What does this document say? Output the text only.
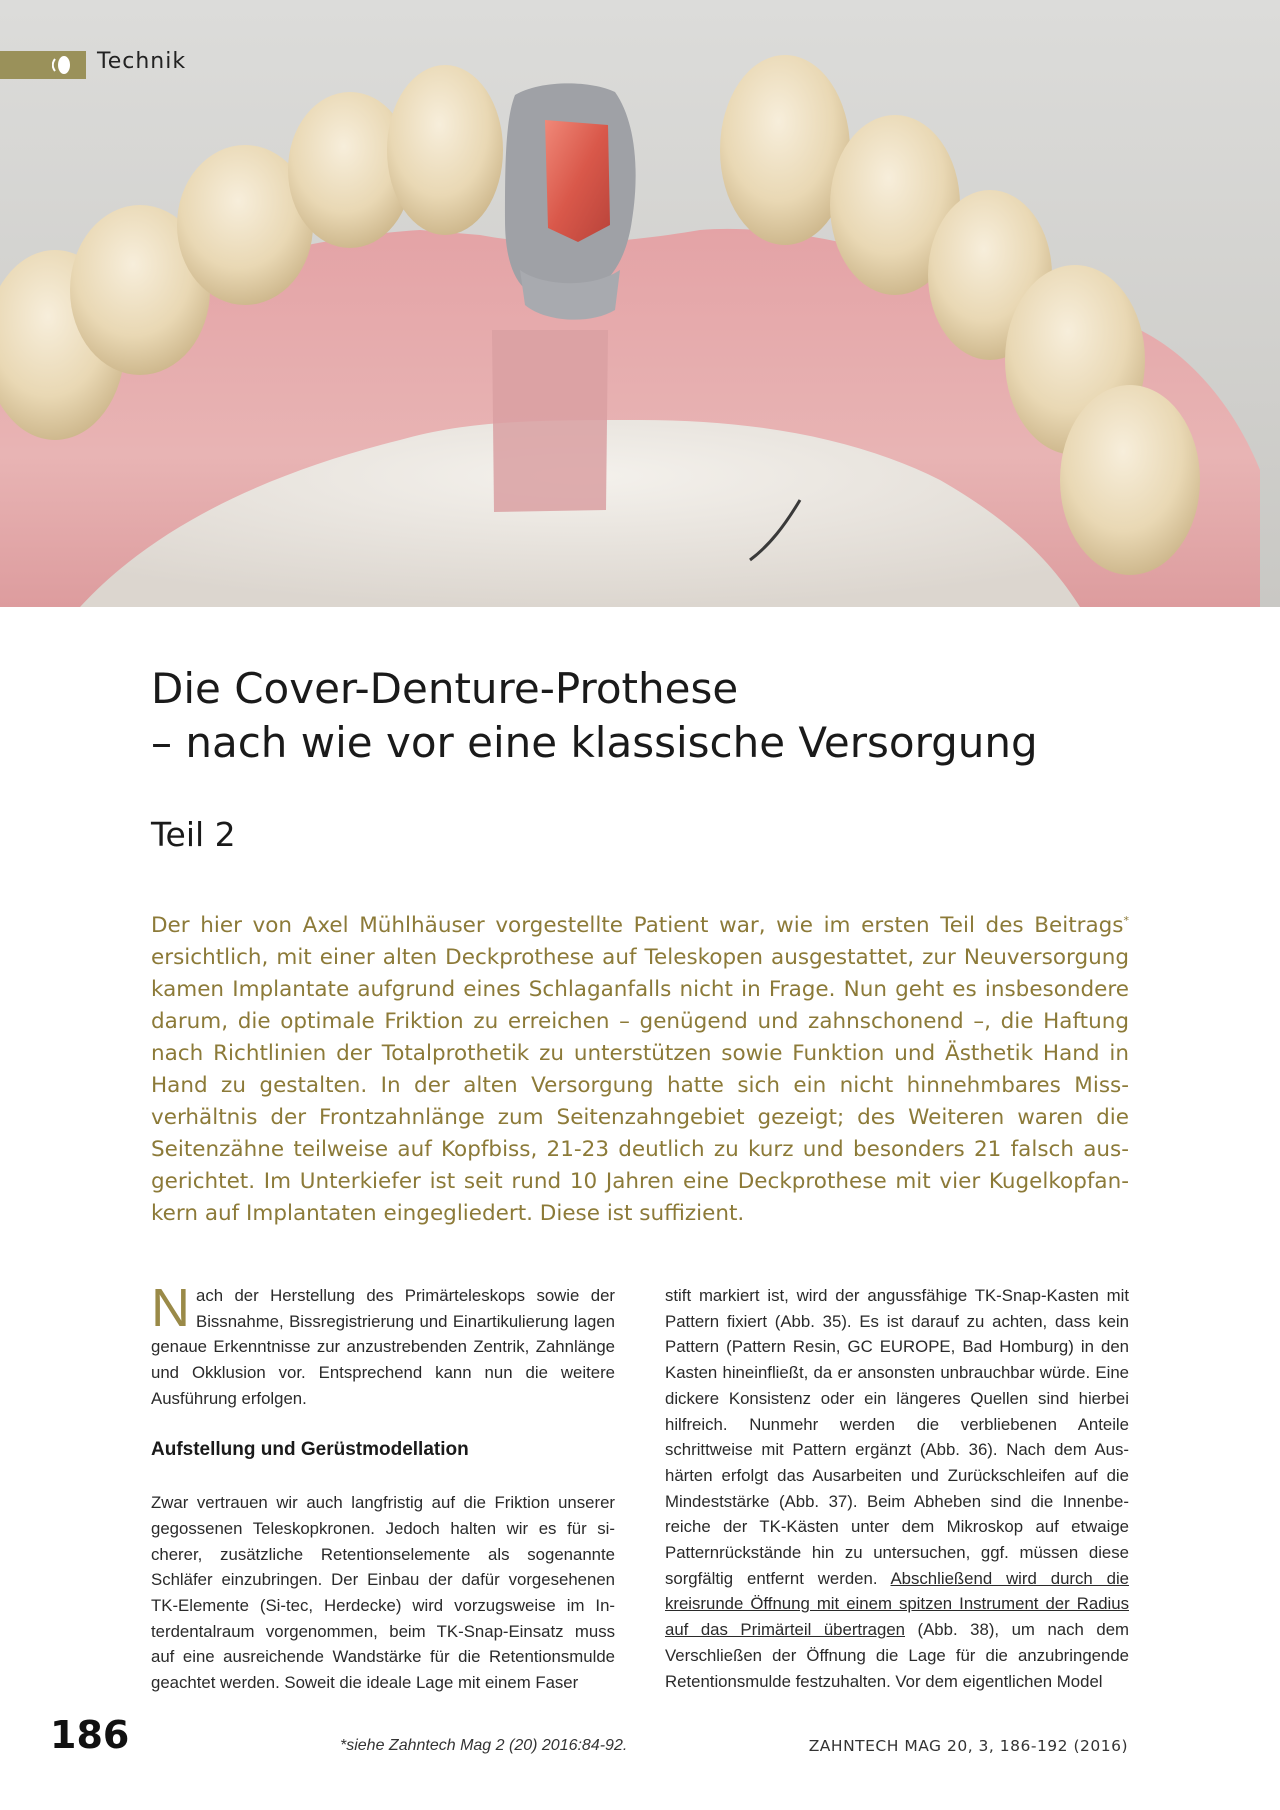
Technik
Die Cover-Denture-Prothese
– nach wie vor eine klassische Versorgung
Teil 2

Der hier von Axel Mühlhäuser vorgestellte Patient war, wie im ersten Teil des Beitrags* ersichtlich, mit einer alten Deckprothese auf Teleskopen ausgestattet, zur Neuversorgung kamen Implantate aufgrund eines Schlaganfalls nicht in Frage. Nun geht es insbesondere darum, die optimale Friktion zu erreichen – genügend und zahnschonend –, die Haftung nach Richtlinien der Totalprothetik zu unterstützen sowie Funktion und Ästhetik Hand in Hand zu gestalten. In der alten Versorgung hatte sich ein nicht hinnehmbares Missverhältnis der Frontzahnlänge zum Seitenzahngebiet gezeigt; des Weiteren waren die Seitenzähne teilweise auf Kopfbiss, 21-23 deutlich zu kurz und besonders 21 falsch ausgerichtet. Im Unterkiefer ist seit rund 10 Jahren eine Deckprothese mit vier Kugelkopfankern auf Implantaten eingegliedert. Diese ist suffizient.

Nach der Herstellung des Primärteleskops sowie der Bissnahme, Bissregistrierung und Einartikulierung lagen genaue Erkenntnisse zur anzustrebenden Zentrik, Zahnlänge und Okklusion vor. Entsprechend kann nun die weitere Ausführung erfolgen.

Aufstellung und Gerüstmodellation

Zwar vertrauen wir auch langfristig auf die Friktion unserer gegossenen Teleskopkronen. Jedoch halten wir es für sicherer, zusätzliche Retentionselemente als sogenannte Schläfer einzubringen. Der Einbau der dafür vorgesehenen TK-Elemente (Si-tec, Herdecke) wird vorzugsweise im Interdentalraum vorgenommen, beim TK-Snap-Einsatz muss auf eine ausreichende Wandstärke für die Retentionsmulde geachtet werden. Soweit die ideale Lage mit einem Faser

stift markiert ist, wird der angussfähige TK-Snap-Kasten mit Pattern fixiert (Abb. 35). Es ist darauf zu achten, dass kein Pattern (Pattern Resin, GC EUROPE, Bad Homburg) in den Kasten hineinfließt, da er ansonsten unbrauchbar würde. Eine dickere Konsistenz oder ein längeres Quellen sind hierbei hilfreich. Nunmehr werden die verbliebenen Anteile schrittweise mit Pattern ergänzt (Abb. 36). Nach dem Aushärten erfolgt das Ausarbeiten und Zurückschleifen auf die Mindeststärke (Abb. 37). Beim Abheben sind die Innenbereiche der TK-Kästen unter dem Mikroskop auf etwaige Patternrückstände hin zu untersuchen, ggf. müssen diese sorgfältig entfernt werden. Abschließend wird durch die kreisrunde Öffnung mit einem spitzen Instrument der Radius auf das Primärteil übertragen (Abb. 38), um nach dem Verschließen der Öffnung die Lage für die anzubringende Retentionsmulde festzuhalten. Vor dem eigentlichen Model

186	*siehe Zahntech Mag 2 (20) 2016:84-92.	ZAHNTECH MAG 20, 3, 186-192 (2016)
